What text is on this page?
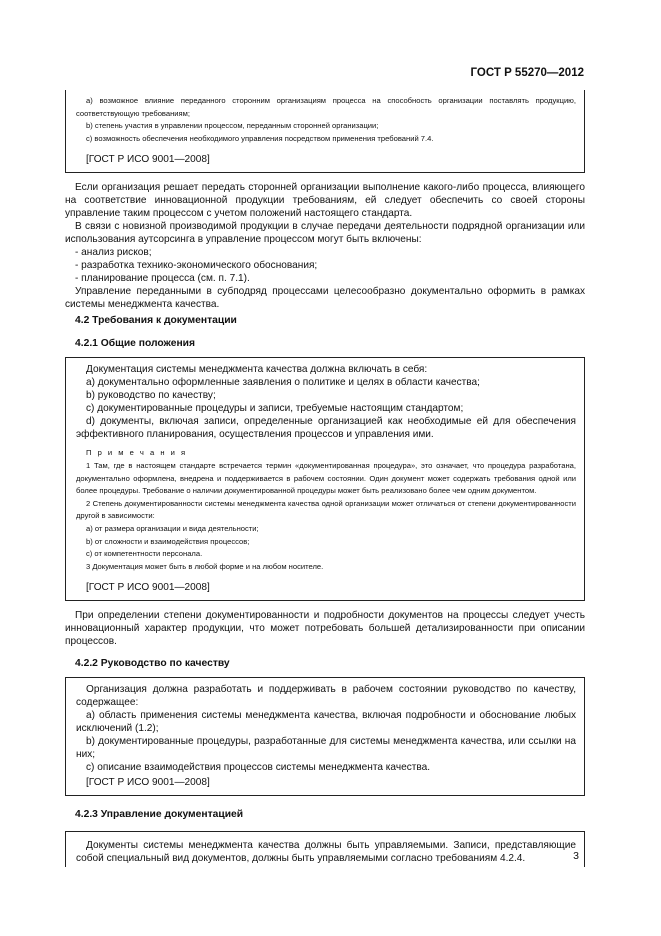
ГОСТ Р 55270—2012

а) возможное влияние переданного сторонним организациям процесса на способность организации поставлять продукцию, соответствующую требованиям;

b) степень участия в управлении процессом, переданным сторонней организации;

с) возможность обеспечения необходимого управления посредством применения требований 7.4.

[ГОСТ Р ИСО 9001—2008]

Если организация решает передать сторонней организации выполнение какого-либо процесса, влияющего на соответствие инновационной продукции требованиям, ей следует обеспечить со своей стороны управление таким процессом с учетом положений настоящего стандарта.

В связи с новизной производимой продукции в случае передачи деятельности подрядной организации или использования аутсорсинга в управление процессом могут быть включены:

- анализ рисков;

- разработка технико-экономического обоснования;

- планирование процесса (см. п. 7.1).

Управление переданными в субподряд процессами целесообразно документально оформить в рамках системы менеджмента качества.

4.2 Требования к документации
4.2.1 Общие положения

Документация системы менеджмента качества должна включать в себя:

а) документально оформленные заявления о политике и целях в области качества;

b) руководство по качеству;

с) документированные процедуры и записи, требуемые настоящим стандартом;

d) документы, включая записи, определенные организацией как необходимые ей для обеспечения эффективного планирования, осуществления процессов и управления ими.

П р и м е ч а н и я

1 Там, где в настоящем стандарте встречается термин «документированная процедура», это означает, что процедура разработана, документально оформлена, внедрена и поддерживается в рабочем состоянии. Один документ может содержать требования одной или более процедуры. Требование о наличии документированной процедуры может быть реализовано более чем одним документом.

2 Степень документированности системы менеджмента качества одной организации может отличаться от степени документированности другой в зависимости:

а) от размера организации и вида деятельности;

b) от сложности и взаимодействия процессов;

с) от компетентности персонала.

3 Документация может быть в любой форме и на любом носителе.

[ГОСТ Р ИСО 9001—2008]

При определении степени документированности и подробности документов на процессы следует учесть инновационный характер продукции, что может потребовать большей детализированности при описании процессов.

4.2.2 Руководство по качеству

Организация должна разработать и поддерживать в рабочем состоянии руководство по качеству, содержащее:

а) область применения системы менеджмента качества, включая подробности и обоснование любых исключений (1.2);

b) документированные процедуры, разработанные для системы менеджмента качества, или ссылки на них;

с) описание взаимодействия процессов системы менеджмента качества.

[ГОСТ Р ИСО 9001—2008]

4.2.3 Управление документацией

Документы системы менеджмента качества должны быть управляемыми. Записи, представляющие собой специальный вид документов, должны быть управляемыми согласно требованиям 4.2.4.	3
